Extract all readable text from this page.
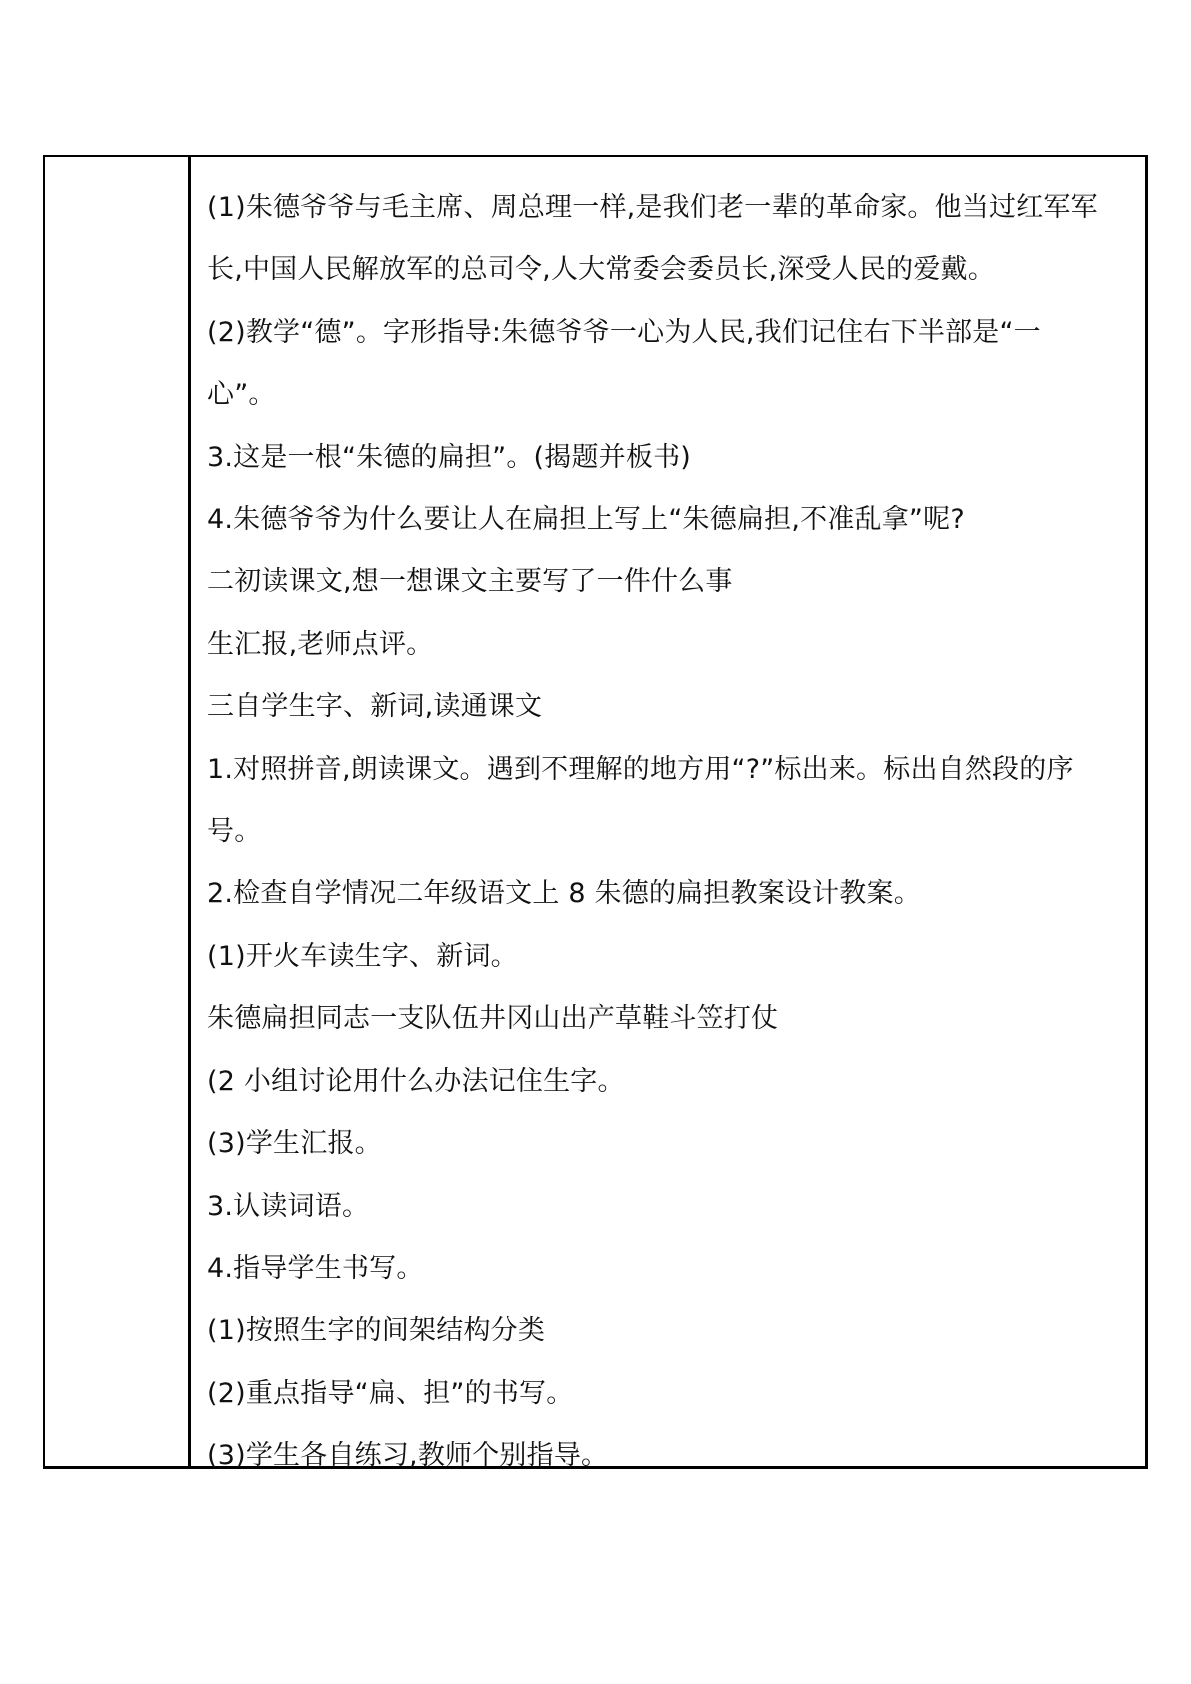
(1)朱德爷爷与毛主席、周总理一样,是我们老一辈的革命家。他当过红军军
长,中国人民解放军的总司令,人大常委会委员长,深受人民的爱戴。
(2)教学“德”。字形指导:朱德爷爷一心为人民,我们记住右下半部是“一
心”。
3.这是一根“朱德的扁担”。(揭题并板书)
4.朱德爷爷为什么要让人在扁担上写上“朱德扁担,不准乱拿”呢?
二初读课文,想一想课文主要写了一件什么事
生汇报,老师点评。
三自学生字、新词,读通课文
1.对照拼音,朗读课文。遇到不理解的地方用“?”标出来。标出自然段的序
号。
2.检查自学情况二年级语文上 8 朱德的扁担教案设计教案。
(1)开火车读生字、新词。
朱德扁担同志一支队伍井冈山出产草鞋斗笠打仗
(2 小组讨论用什么办法记住生字。
(3)学生汇报。
3.认读词语。
4.指导学生书写。
(1)按照生字的间架结构分类
(2)重点指导“扁、担”的书写。
(3)学生各自练习,教师个别指导。
